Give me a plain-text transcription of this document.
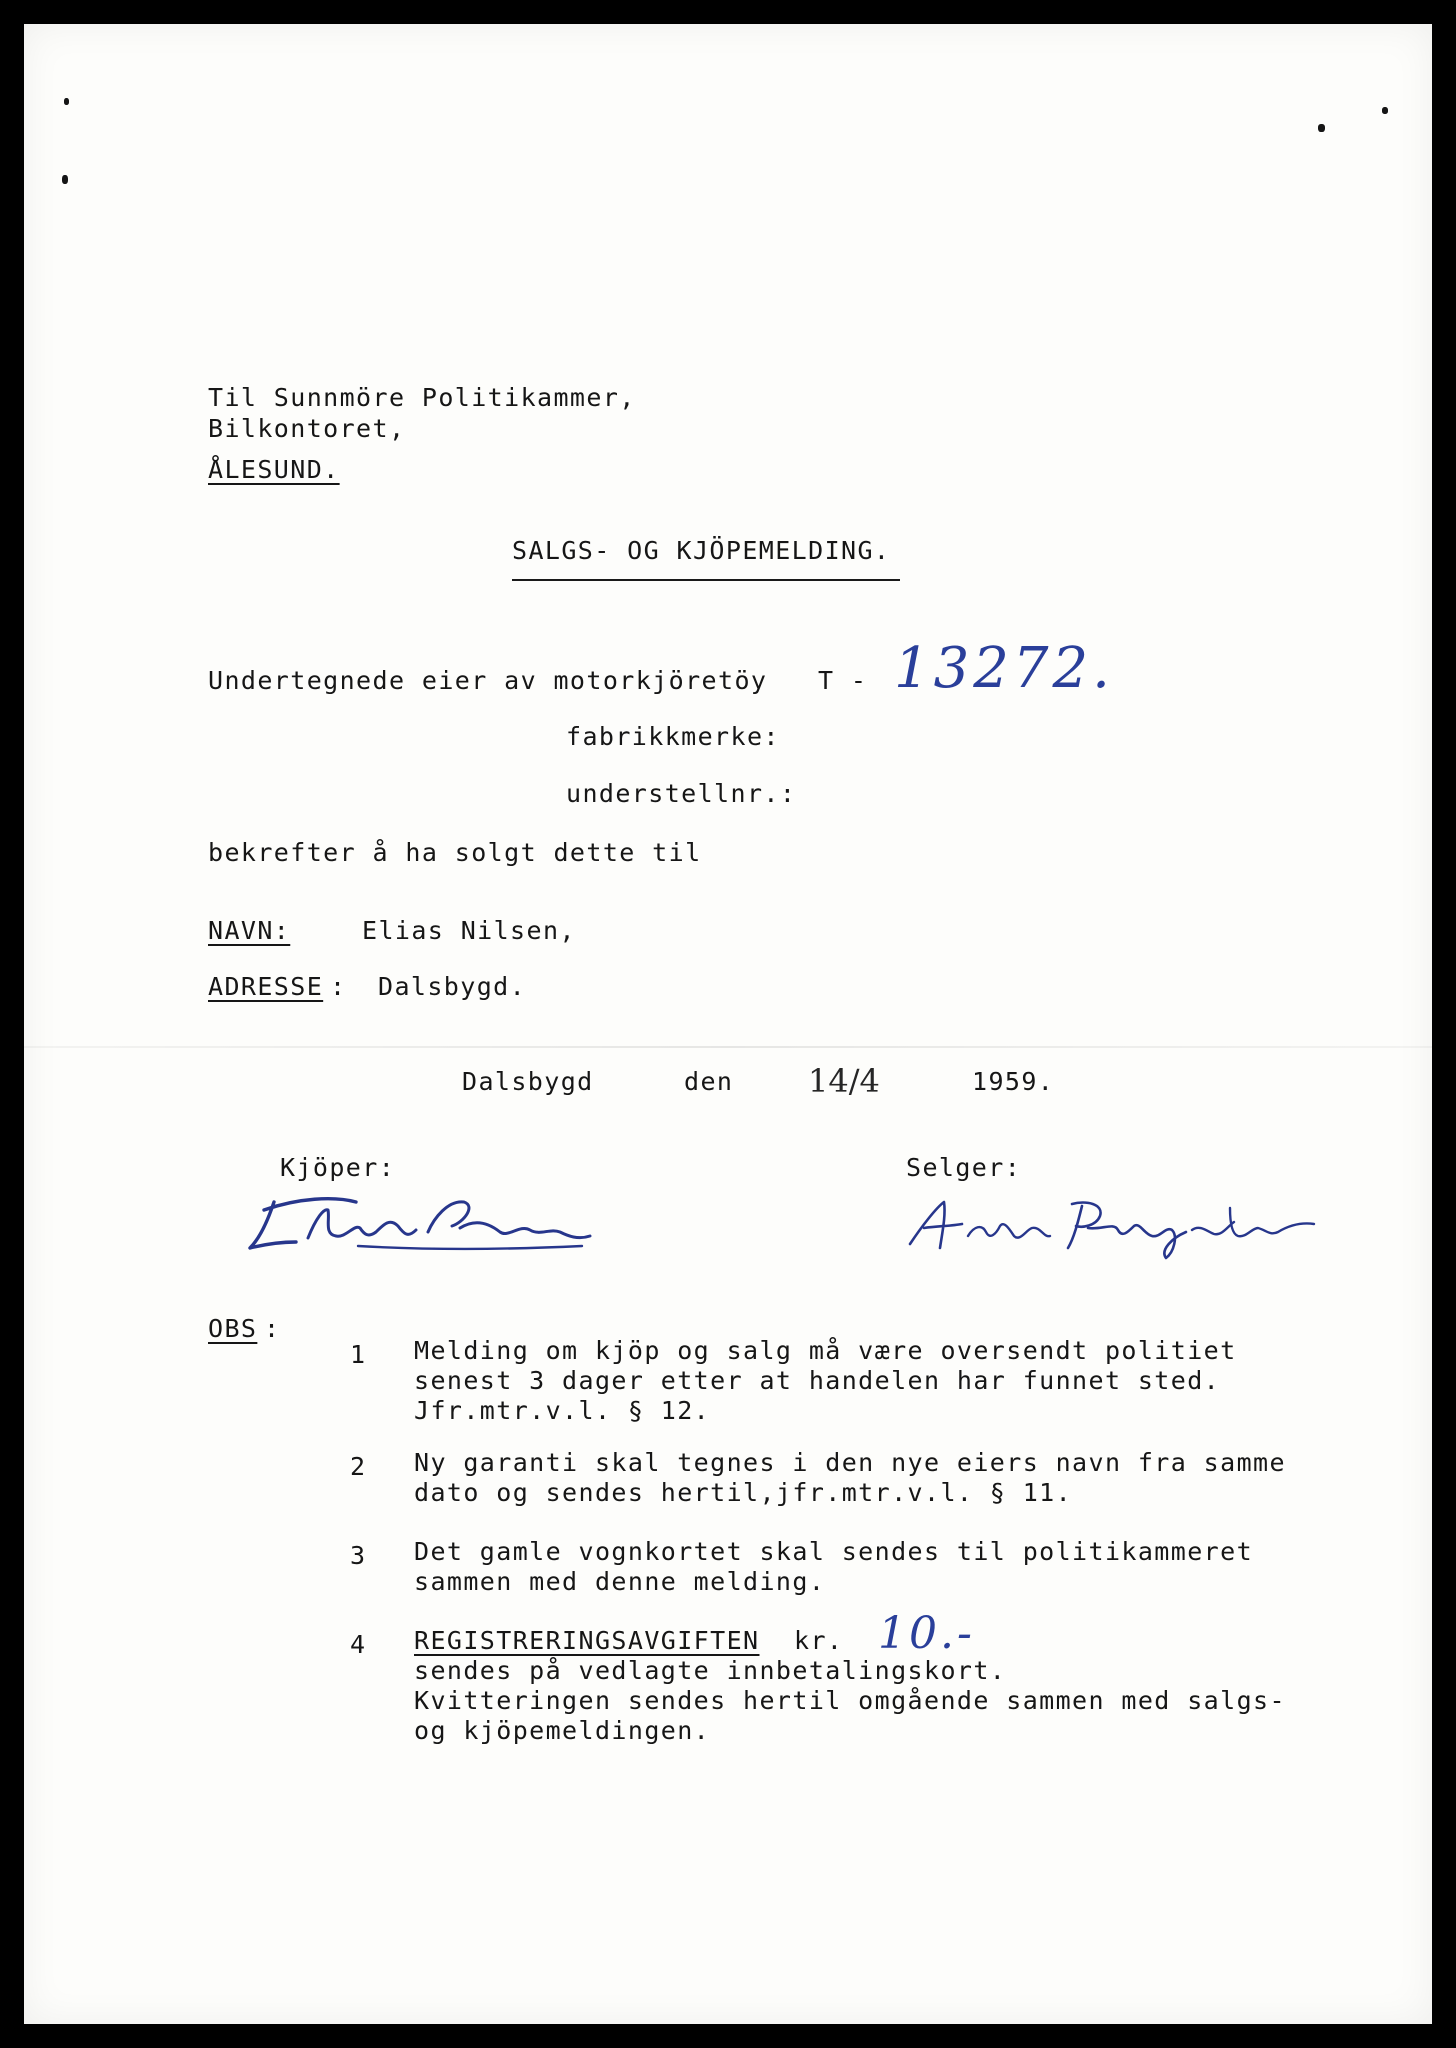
Til Sunnmöre Politikammer,
Bilkontoret,
ÅLESUND.
SALGS- OG KJÖPEMELDING.
Undertegnede eier av motorkjöretöy T - 13272.
fabrikkmerke:
understellnr.:
bekrefter å ha solgt dette til
NAVN:	Elias Nilsen,
ADRESSE : Dalsbygd.
Dalsbygd	den 14/4	1959.
Kjöper:	Selger:
OBS :
1 Melding om kjöp og salg må være oversendt politiet
senest 3 dager etter at handelen har funnet sted.
Jfr.mtr.v.l. § 12.
2 Ny garanti skal tegnes i den nye eiers navn fra samme
dato og sendes hertil,jfr.mtr.v.l. § 11.
3 Det gamle vognkortet skal sendes til politikammeret
sammen med denne melding.
4 REGISTRERINGSAVGIFTEN kr. 10.-
sendes på vedlagte innbetalingskort.
Kvitteringen sendes hertil omgående sammen med salgs-
og kjöpemeldingen.
